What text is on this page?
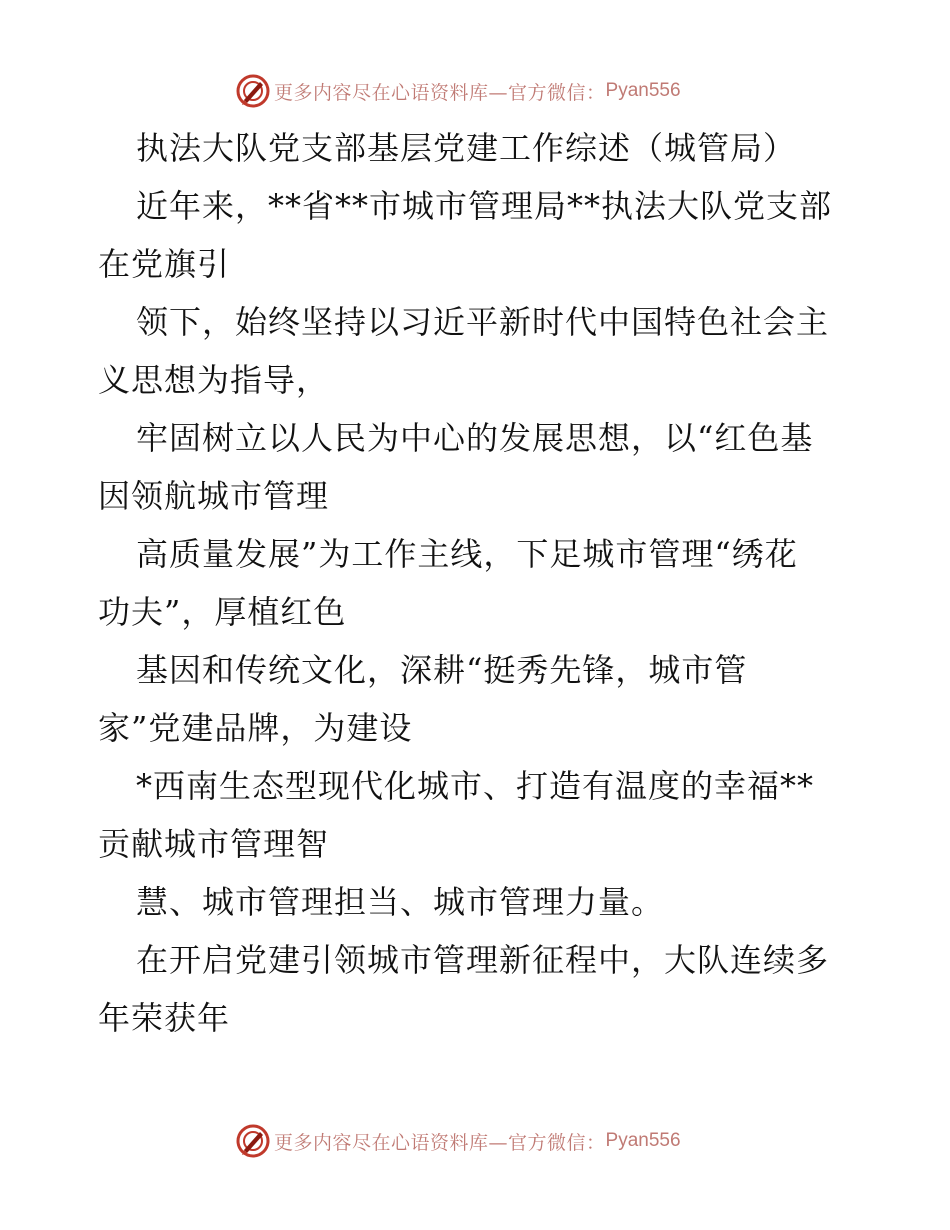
更多内容尽在心语资料库—官方微信： Pyan556
执法大队党支部基层党建工作综述（城管局）
近年来，**省**市城市管理局**执法大队党支部
在党旗引
领下，始终坚持以习近平新时代中国特色社会主
义思想为指导，
牢固树立以人民为中心的发展思想，以“红色基
因领航城市管理
高质量发展”为工作主线，下足城市管理“绣花
功夫”，厚植红色
基因和传统文化，深耕“挺秀先锋，城市管
家”党建品牌，为建设
*西南生态型现代化城市、打造有温度的幸福**
贡献城市管理智
慧、城市管理担当、城市管理力量。
在开启党建引领城市管理新征程中，大队连续多
年荣获年
更多内容尽在心语资料库—官方微信： Pyan556
